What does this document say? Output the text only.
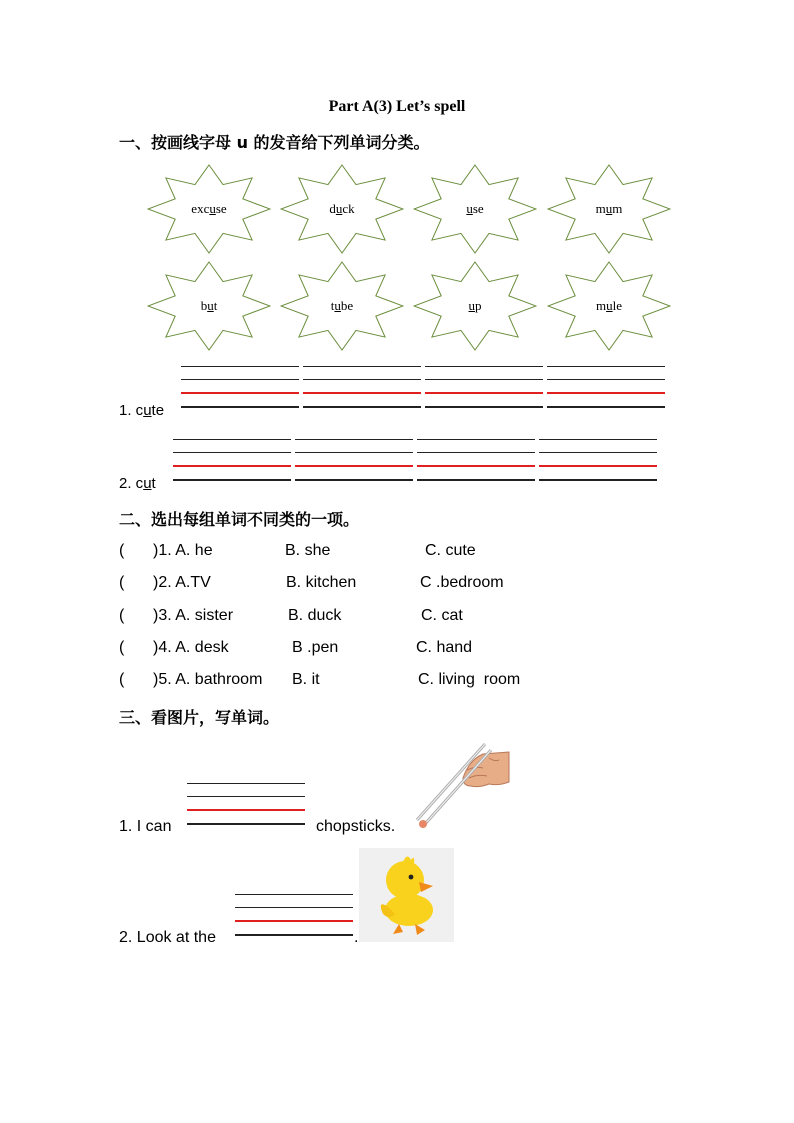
Part A(3) Let’s spell
一、按画线字母 u 的发音给下列单词分类。
excuse	duck	use	mum
but	tube	up	mule
1. cute
2. cut
二、选出每组单词不同类的一项。
( )1. A. he	B. she	C. cute
( )2. A.TV	B. kitchen	C .bedroom
( )3. A. sister	B. duck	C. cat
( )4. A. desk	B .pen	C. hand
( )5. A. bathroom B. it	C. living  room
三、看图片，写单词。
1. I can	chopsticks.
2. Look at the	.
